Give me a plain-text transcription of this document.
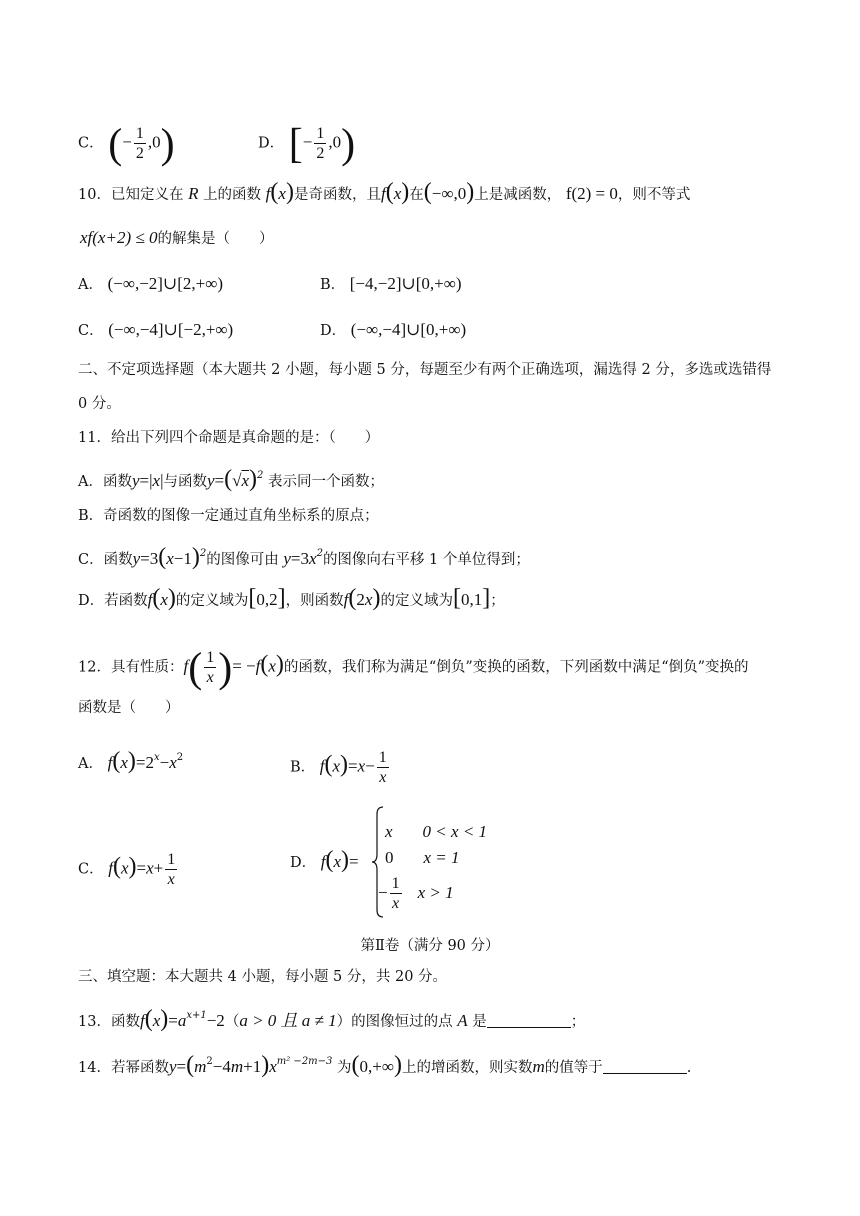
C． (− $\frac{1}{2} ,0$)	D． [− $\frac{1}{2} ,0$)
10．已知定义在 R 上的函数 f(x)是奇函数，且f(x)在(−∞,0)上是减函数， f(2) = 0，则不等式
xf(x+2) ≤ 0的解集是（　　）
A． (−∞,−2]∪[2,+∞)	B． [−4,−2]∪[0,+∞)
C． (−∞,−4]∪[−2,+∞)	D． (−∞,−4]∪[0,+∞)
二、不定项选择题（本大题共 2 小题，每小题 5 分，每题至少有两个正确选项，漏选得 2 分，多选或选错得
0 分。
11．给出下列四个命题是真命题的是：（　　）
A．函数y=|x|与函数$y=(√x)^2$ 表示同一个函数；
B．奇函数的图像一定通过直角坐标系的原点；
C．函数$y=3(x-1)^2$的图像可由 $y=3x^2$的图像向右平移 1 个单位得到；
D．若函数f(x)的定义域为[0,2]，则函数f(2x)的定义域为[0,1]；
12．具有性质：$f( \frac{1}{x}$ )= −f(x)的函数，我们称为满足“倒负”变换的函数，下列函数中满足“倒负”变换的
函数是（　　）
A． $f(x)=2^x-x^2$
B． $f(x)=x- \frac{1}{x}$
C． $f(x)=x+ \frac{1}{x}$	D． f(x)=
x 0 < x < 1
0 x = 1
− $\frac{1}{x}$ x > 1
第Ⅱ卷（满分 90 分）
三、填空题：本大题共 4 小题，每小题 5 分，共 20 分。
13．函数$f(x)=a^{x+1}-2(a > 0$ 且 a ≠ 1）的图像恒过的点 A 是	；
14．若幂函数$y=(m^2-4m+1)x^{m^2 -2m-3}$ 为(0,+∞)上的增函数，则实数m的值等于	.
